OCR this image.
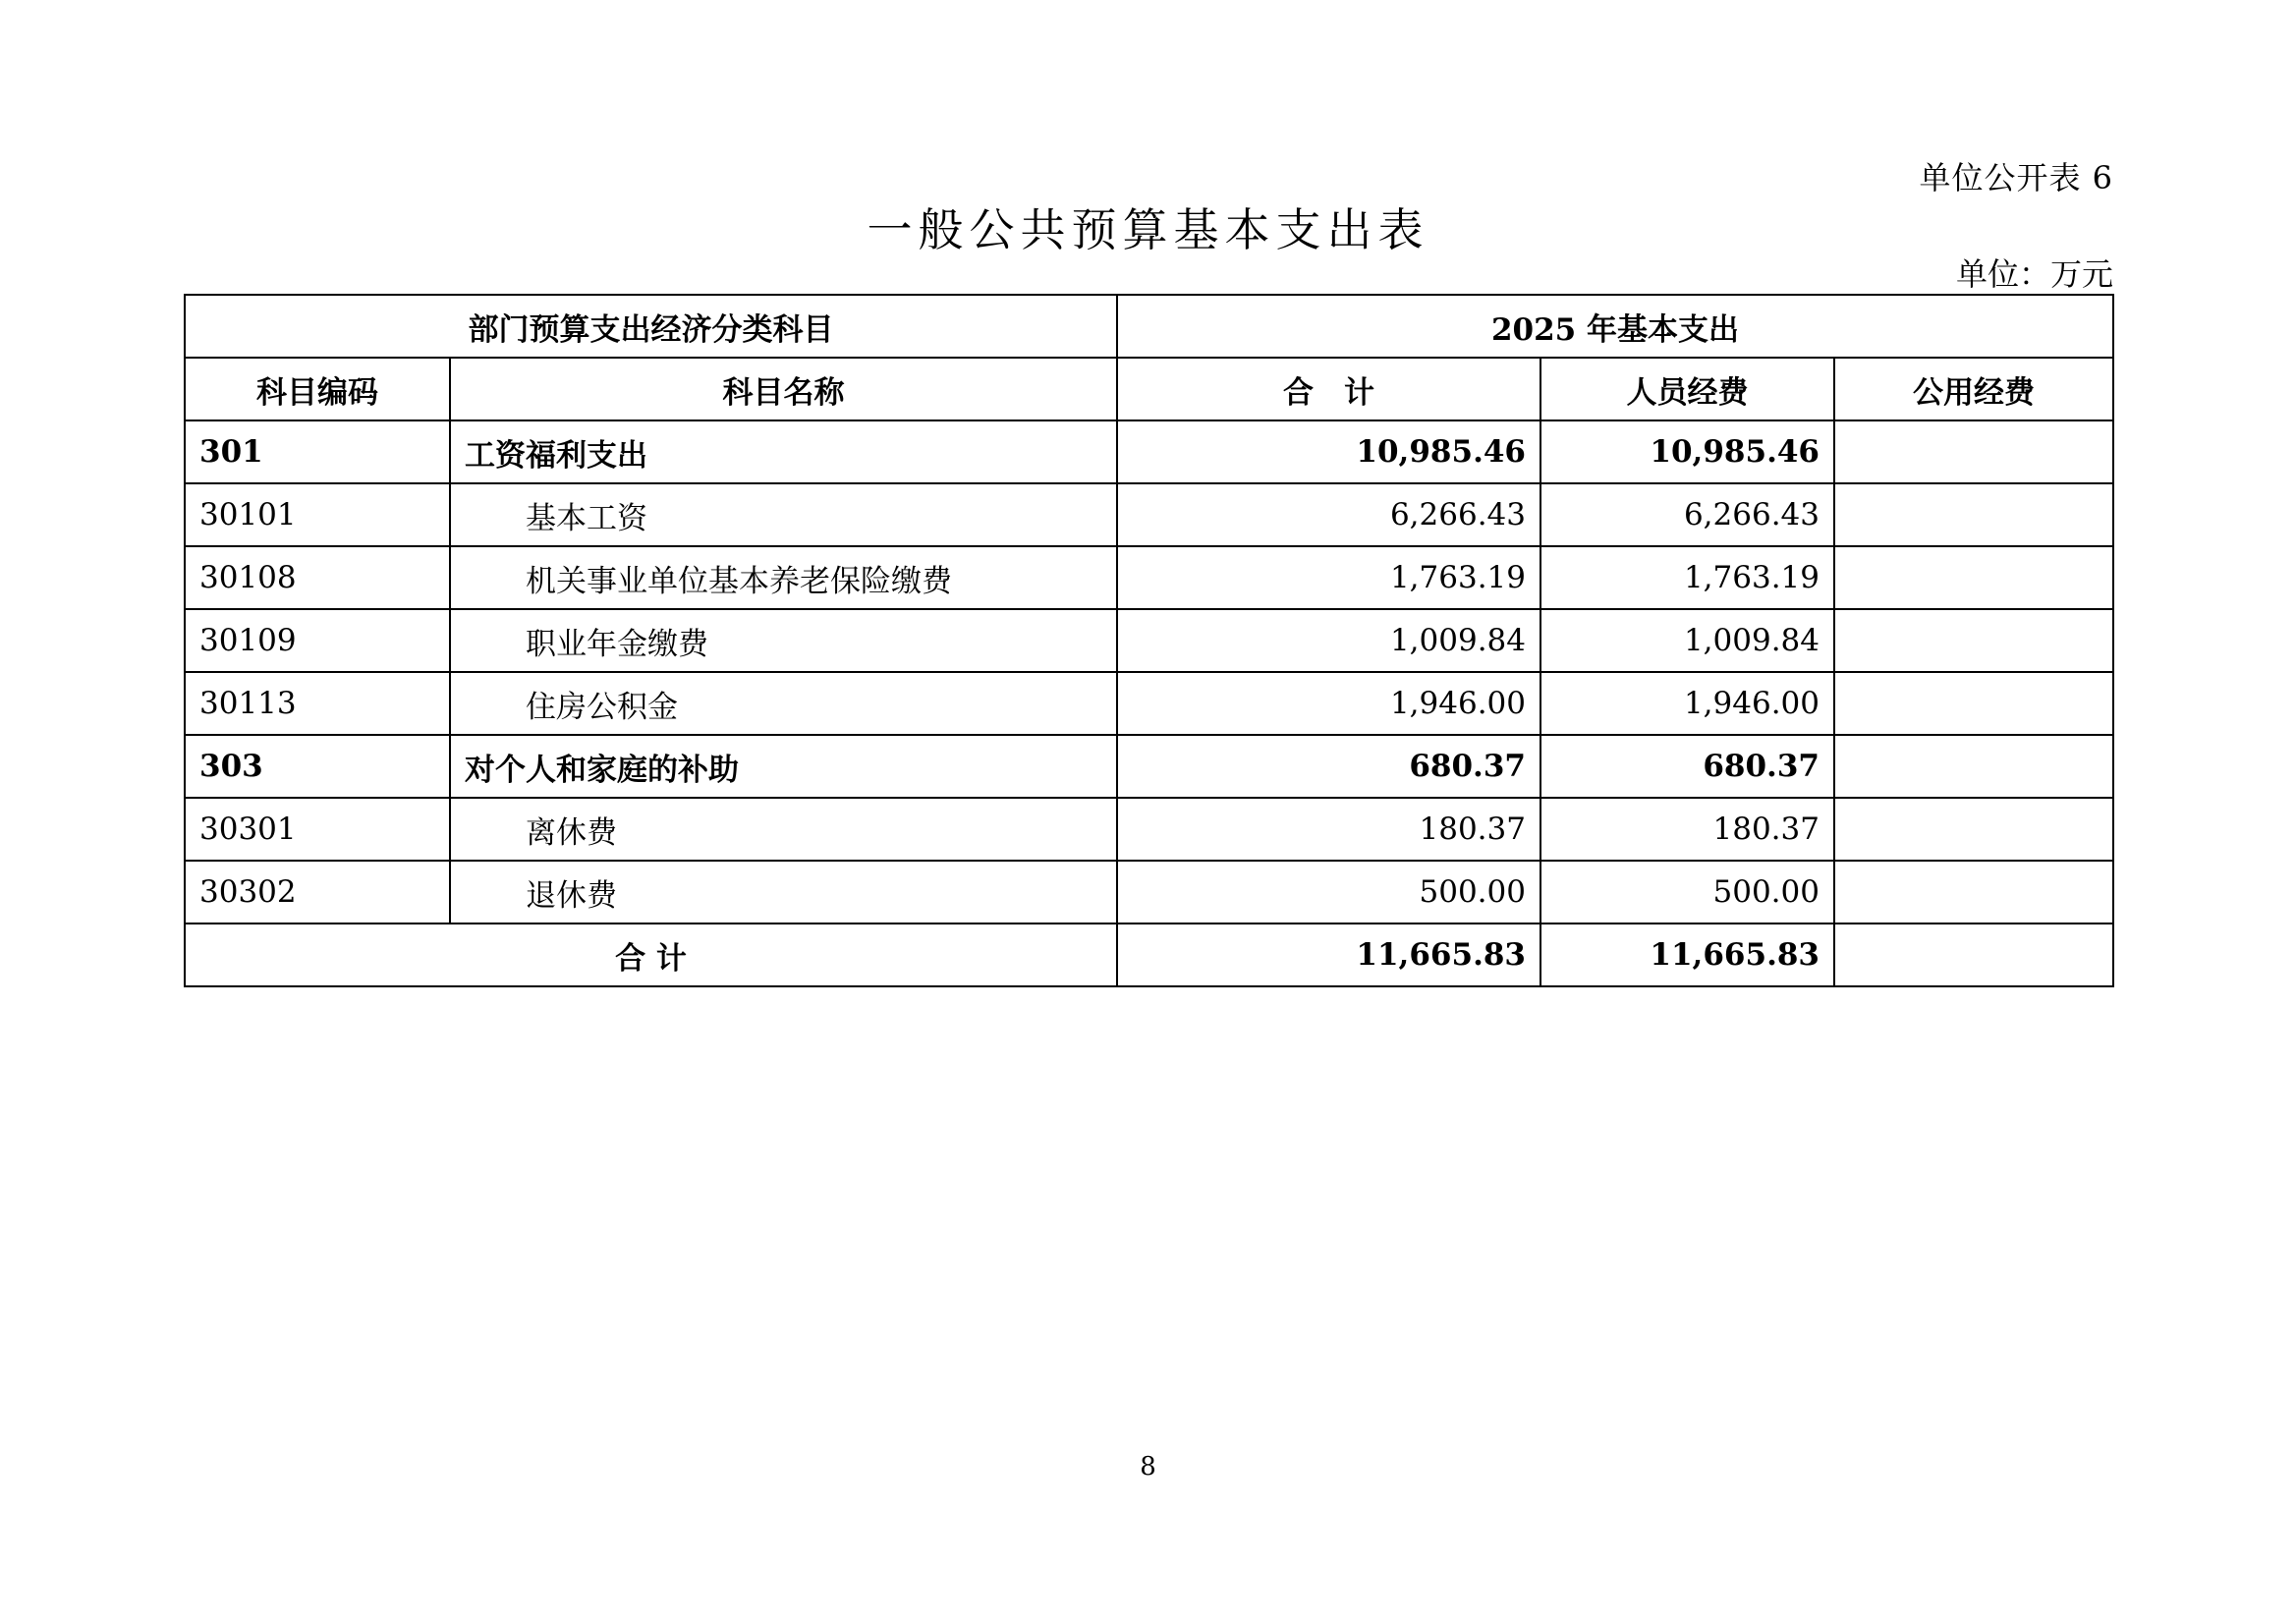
单位公开表 6
一般公共预算基本支出表
单位：万元
部门预算支出经济分类科目		2025 年基本支出		
科目编码	科目名称	合　计	人员经费	公用经费
301	工资福利支出	10,985.46	10,985.46	
30101	基本工资	6,266.43	6,266.43	
30108	机关事业单位基本养老保险缴费	1,763.19	1,763.19	
30109	职业年金缴费	1,009.84	1,009.84	
30113	住房公积金	1,946.00	1,946.00	
303	对个人和家庭的补助	680.37	680.37	
30301	离休费	180.37	180.37	
30302	退休费	500.00	500.00	
合 计		11,665.83	11,665.83	
8
